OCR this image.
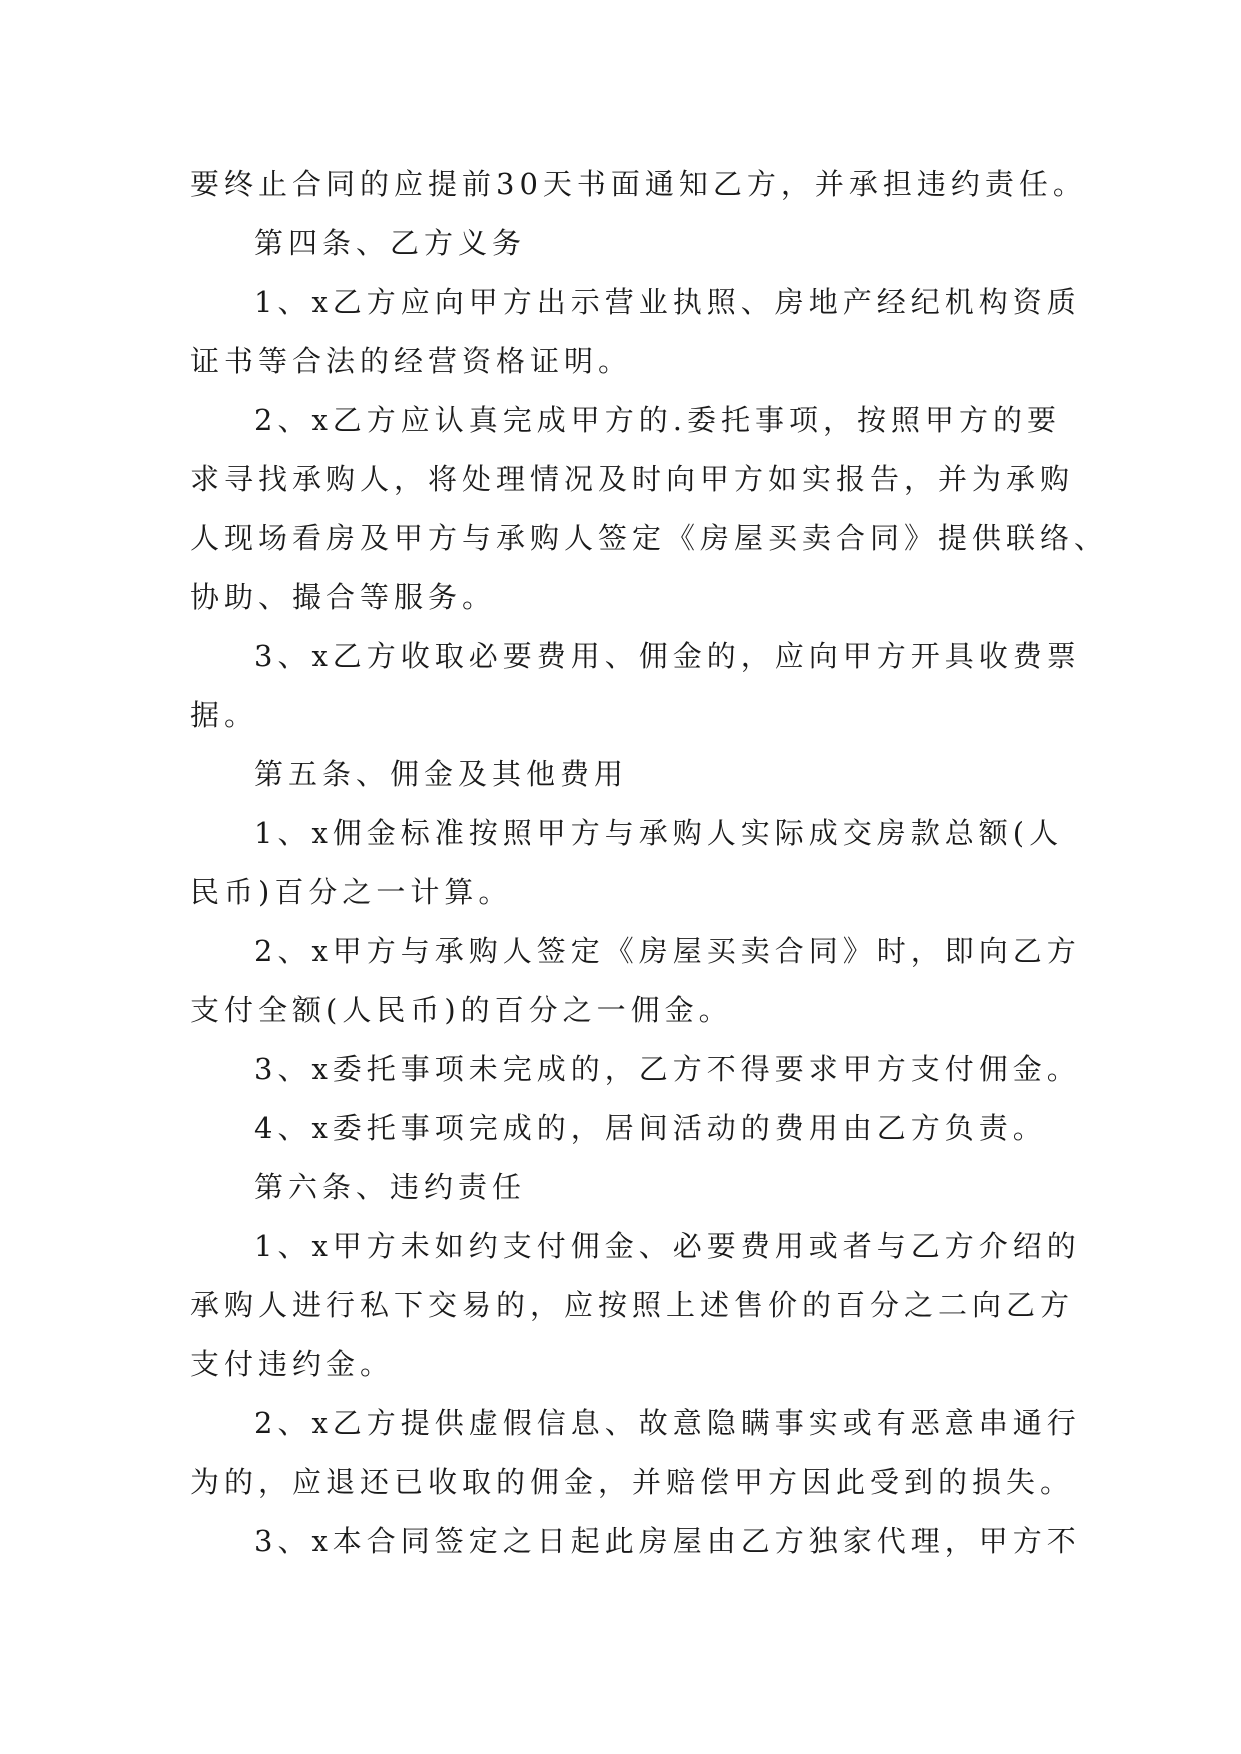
要终止合同的应提前30天书面通知乙方，并承担违约责任。
第四条、乙方义务
1、x乙方应向甲方出示营业执照、房地产经纪机构资质
证书等合法的经营资格证明。
2、x乙方应认真完成甲方的.委托事项，按照甲方的要
求寻找承购人，将处理情况及时向甲方如实报告，并为承购
人现场看房及甲方与承购人签定《房屋买卖合同》提供联络、
协助、撮合等服务。
3、x乙方收取必要费用、佣金的，应向甲方开具收费票
据。
第五条、佣金及其他费用
1、x佣金标准按照甲方与承购人实际成交房款总额(人
民币)百分之一计算。
2、x甲方与承购人签定《房屋买卖合同》时，即向乙方
支付全额(人民币)的百分之一佣金。
3、x委托事项未完成的，乙方不得要求甲方支付佣金。
4、x委托事项完成的，居间活动的费用由乙方负责。
第六条、违约责任
1、x甲方未如约支付佣金、必要费用或者与乙方介绍的
承购人进行私下交易的，应按照上述售价的百分之二向乙方
支付违约金。
2、x乙方提供虚假信息、故意隐瞒事实或有恶意串通行
为的，应退还已收取的佣金，并赔偿甲方因此受到的损失。
3、x本合同签定之日起此房屋由乙方独家代理，甲方不
